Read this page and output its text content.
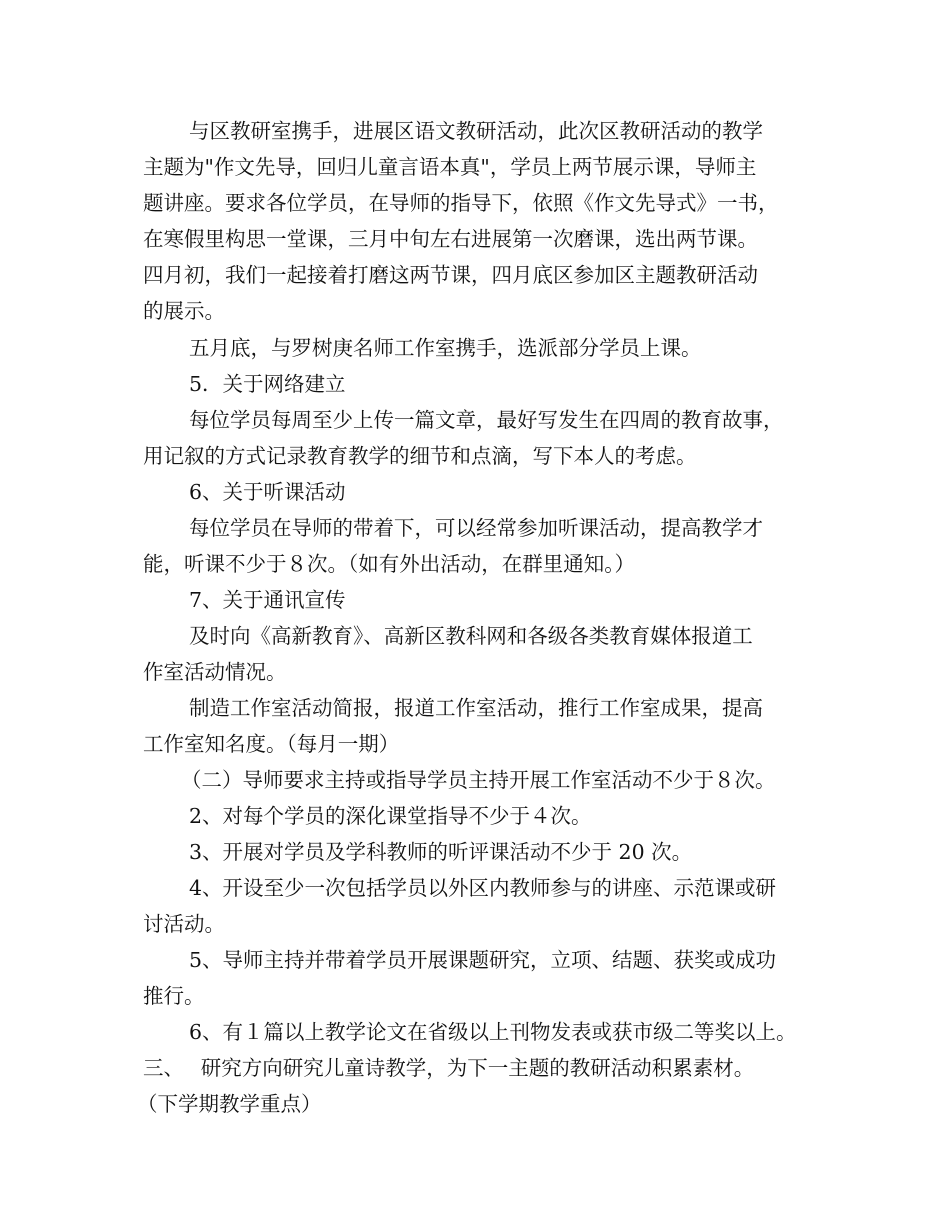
与区教研室携手，进展区语文教研活动，此次区教研活动的教学
主题为"作文先导，回归儿童言语本真"，学员上两节展示课，导师主
题讲座。要求各位学员，在导师的指导下，依照《作文先导式》一书，
在寒假里构思一堂课，三月中旬左右进展第一次磨课，选出两节课。
四月初，我们一起接着打磨这两节课，四月底区参加区主题教研活动
的展示。
五月底，与罗树庚名师工作室携手，选派部分学员上课。
5．关于网络建立
每位学员每周至少上传一篇文章，最好写发生在四周的教育故事，
用记叙的方式记录教育教学的细节和点滴，写下本人的考虑。
6、关于听课活动
每位学员在导师的带着下，可以经常参加听课活动，提高教学才
能，听课不少于８次。（如有外出活动，在群里通知。）
7、关于通讯宣传
及时向《高新教育》、高新区教科网和各级各类教育媒体报道工
作室活动情况。
制造工作室活动简报，报道工作室活动，推行工作室成果，提高
工作室知名度。（每月一期）
（二）导师要求主持或指导学员主持开展工作室活动不少于８次。
2、对每个学员的深化课堂指导不少于４次。
3、开展对学员及学科教师的听评课活动不少于 20 次。
4、开设至少一次包括学员以外区内教师参与的讲座、示范课或研
讨活动。
5、导师主持并带着学员开展课题研究，立项、结题、获奖或成功
推行。
6、有１篇以上教学论文在省级以上刊物发表或获市级二等奖以上。
三、　 研究方向研究儿童诗教学，为下一主题的教研活动积累素材。
（下学期教学重点）
